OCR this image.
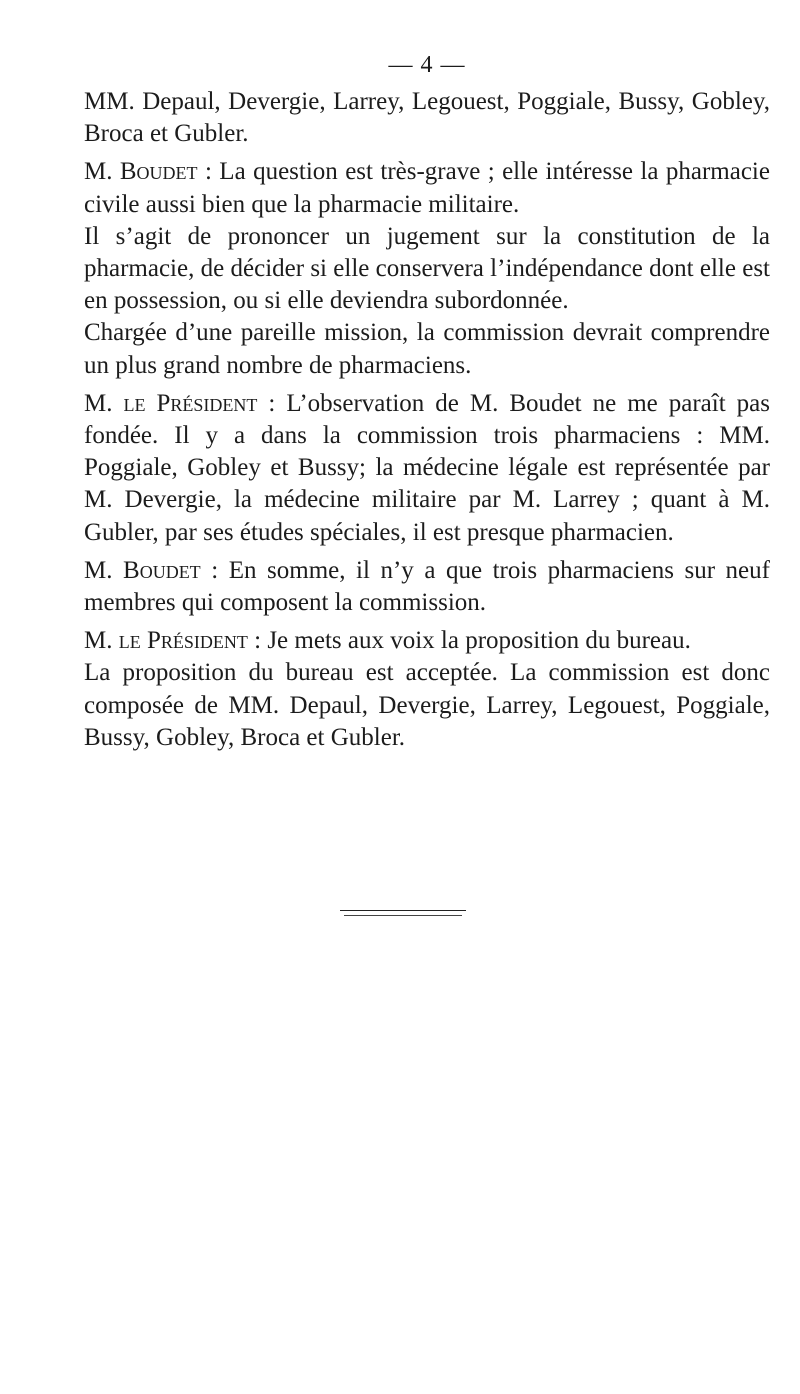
— 4 —

MM. Depaul, Devergie, Larrey, Legouest, Poggiale, Bussy, Gobley, Broca et Gubler.

M. Boudet : La question est très-grave ; elle intéresse la pharmacie civile aussi bien que la pharmacie militaire.

Il s’agit de prononcer un jugement sur la constitution de la pharmacie, de décider si elle conservera l’indépendance dont elle est en possession, ou si elle deviendra subordonnée.

Chargée d’une pareille mission, la commission devrait comprendre un plus grand nombre de pharmaciens.

M. le Président : L’observation de M. Boudet ne me paraît pas fondée. Il y a dans la commission trois pharmaciens : MM. Poggiale, Gobley et Bussy; la médecine légale est représentée par M. Devergie, la médecine militaire par M. Larrey ; quant à M. Gubler, par ses études spéciales, il est presque pharmacien.

M. Boudet : En somme, il n’y a que trois pharmaciens sur neuf membres qui composent la commission.

M. le Président : Je mets aux voix la proposition du bureau.

La proposition du bureau est acceptée. La commission est donc composée de MM. Depaul, Devergie, Larrey, Legouest, Poggiale, Bussy, Gobley, Broca et Gubler.
